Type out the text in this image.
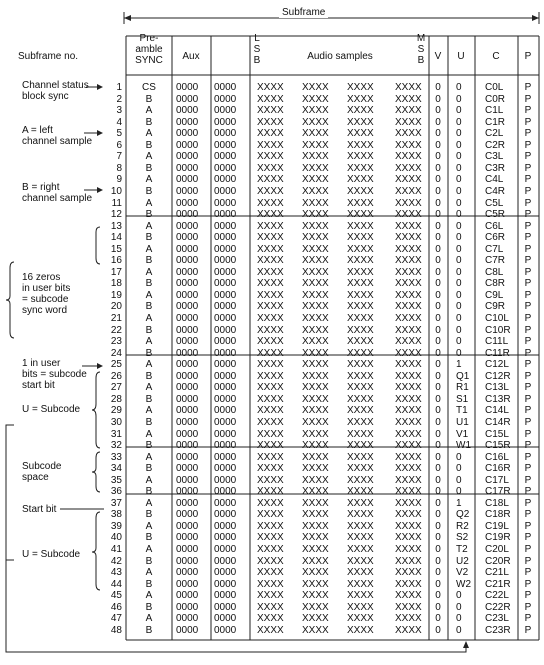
Subframe
Subframe no.
Pre-
amble
SYNC	Aux
L
S
B	Audio samples
M
S
B	V	U	C	P
Channel status
block sync
A = left
channel sample
B = right
channel sample
16 zeros
in user bits
= subcode
sync word
1 in user
bits = subcode
start bit
U = Subcode
Subcode
space
Start bit
U = Subcode
1	CS	0000	0000	XXXX	XXXX	XXXX	XXXX	0	0	C0L	P
2	B	0000	0000	XXXX	XXXX	XXXX	XXXX	0	0	C0R	P
3	A	0000	0000	XXXX	XXXX	XXXX	XXXX	0	0	C1L	P
4	B	0000	0000	XXXX	XXXX	XXXX	XXXX	0	0	C1R	P
5	A	0000	0000	XXXX	XXXX	XXXX	XXXX	0	0	C2L	P
6	B	0000	0000	XXXX	XXXX	XXXX	XXXX	0	0	C2R	P
7	A	0000	0000	XXXX	XXXX	XXXX	XXXX	0	0	C3L	P
8	B	0000	0000	XXXX	XXXX	XXXX	XXXX	0	0	C3R	P
9	A	0000	0000	XXXX	XXXX	XXXX	XXXX	0	0	C4L	P
10	B	0000	0000	XXXX	XXXX	XXXX	XXXX	0	0	C4R	P
11	A	0000	0000	XXXX	XXXX	XXXX	XXXX	0	0	C5L	P
12	B	0000	0000	XXXX	XXXX	XXXX	XXXX	0	0	C5R	P
13	A	0000	0000	XXXX	XXXX	XXXX	XXXX	0	0	C6L	P
14	B	0000	0000	XXXX	XXXX	XXXX	XXXX	0	0	C6R	P
15	A	0000	0000	XXXX	XXXX	XXXX	XXXX	0	0	C7L	P
16	B	0000	0000	XXXX	XXXX	XXXX	XXXX	0	0	C7R	P
17	A	0000	0000	XXXX	XXXX	XXXX	XXXX	0	0	C8L	P
18	B	0000	0000	XXXX	XXXX	XXXX	XXXX	0	0	C8R	P
19	A	0000	0000	XXXX	XXXX	XXXX	XXXX	0	0	C9L	P
20	B	0000	0000	XXXX	XXXX	XXXX	XXXX	0	0	C9R	P
21	A	0000	0000	XXXX	XXXX	XXXX	XXXX	0	0	C10L	P
22	B	0000	0000	XXXX	XXXX	XXXX	XXXX	0	0	C10R	P
23	A	0000	0000	XXXX	XXXX	XXXX	XXXX	0	0	C11L	P
24	B	0000	0000	XXXX	XXXX	XXXX	XXXX	0	0	C11R	P
25	A	0000	0000	XXXX	XXXX	XXXX	XXXX	0	1	C12L	P
26	B	0000	0000	XXXX	XXXX	XXXX	XXXX	0	Q1	C12R	P
27	A	0000	0000	XXXX	XXXX	XXXX	XXXX	0	R1	C13L	P
28	B	0000	0000	XXXX	XXXX	XXXX	XXXX	0	S1	C13R	P
29	A	0000	0000	XXXX	XXXX	XXXX	XXXX	0	T1	C14L	P
30	B	0000	0000	XXXX	XXXX	XXXX	XXXX	0	U1	C14R	P
31	A	0000	0000	XXXX	XXXX	XXXX	XXXX	0	V1	C15L	P
32	B	0000	0000	XXXX	XXXX	XXXX	XXXX	0	W1	C15R	P
33	A	0000	0000	XXXX	XXXX	XXXX	XXXX	0	0	C16L	P
34	B	0000	0000	XXXX	XXXX	XXXX	XXXX	0	0	C16R	P
35	A	0000	0000	XXXX	XXXX	XXXX	XXXX	0	0	C17L	P
36	B	0000	0000	XXXX	XXXX	XXXX	XXXX	0	0	C17R	P
37	A	0000	0000	XXXX	XXXX	XXXX	XXXX	0	1	C18L	P
38	B	0000	0000	XXXX	XXXX	XXXX	XXXX	0	Q2	C18R	P
39	A	0000	0000	XXXX	XXXX	XXXX	XXXX	0	R2	C19L	P
40	B	0000	0000	XXXX	XXXX	XXXX	XXXX	0	S2	C19R	P
41	A	0000	0000	XXXX	XXXX	XXXX	XXXX	0	T2	C20L	P
42	B	0000	0000	XXXX	XXXX	XXXX	XXXX	0	U2	C20R	P
43	A	0000	0000	XXXX	XXXX	XXXX	XXXX	0	V2	C21L	P
44	B	0000	0000	XXXX	XXXX	XXXX	XXXX	0	W2	C21R	P
45	A	0000	0000	XXXX	XXXX	XXXX	XXXX	0	0	C22L	P
46	B	0000	0000	XXXX	XXXX	XXXX	XXXX	0	0	C22R	P
47	A	0000	0000	XXXX	XXXX	XXXX	XXXX	0	0	C23L	P
48	B	0000	0000	XXXX	XXXX	XXXX	XXXX	0	0	C23R	P
